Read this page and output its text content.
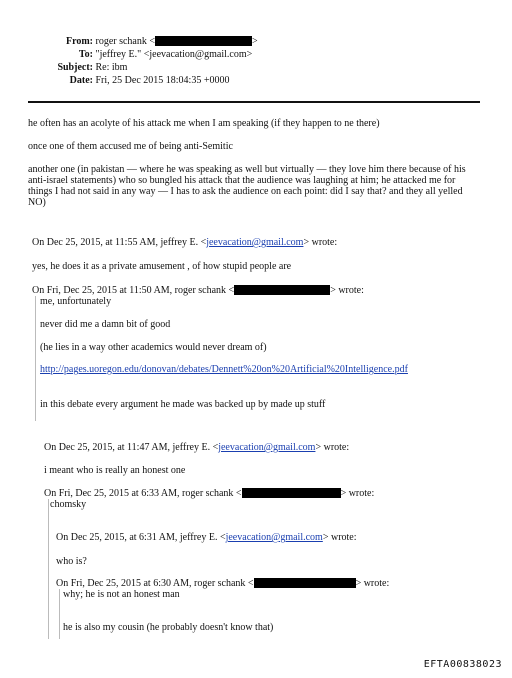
From: roger schank <	>
To: "jeffrey E." <jeevacation@gmail.com>
Subject: Re: ibm
Date: Fri, 25 Dec 2015 18:04:35 +0000
he often has an acolyte of his attack me when I am speaking (if they happen to ne there)
once one of them accused me of being anti-Semitic
another one (in pakistan — where he was speaking as well but virtually — they love him there because of his anti-israel statements) who so bungled his attack that the audience was laughing at him; he attacked me for things I had not said in any way — I has to ask the audience on each point: did I say that? and they all yelled NO)
On Dec 25, 2015, at 11:55 AM, jeffrey E. <jeevacation@gmail.com> wrote:
yes, he does it as a private amusement , of how stupid people are
On Fri, Dec 25, 2015 at 11:50 AM, roger schank <	> wrote:
me, unfortunately
never did me a damn bit of good
(he lies in a way other academics would never dream of)
http://pages.uoregon.edu/donovan/debates/Dennett%20on%20Artificial%20Intelligence.pdf
in this debate every argument he made was backed up by made up stuff
On Dec 25, 2015, at 11:47 AM, jeffrey E. <jeevacation@gmail.com> wrote:
i meant who is really an honest one
On Fri, Dec 25, 2015 at 6:33 AM, roger schank <	> wrote:
chomsky
On Dec 25, 2015, at 6:31 AM, jeffrey E. <jeevacation@gmail.com> wrote:
who is?
On Fri, Dec 25, 2015 at 6:30 AM, roger schank <	> wrote:
why; he is not an honest man
he is also my cousin (he probably doesn't know that)
EFTA00838023
